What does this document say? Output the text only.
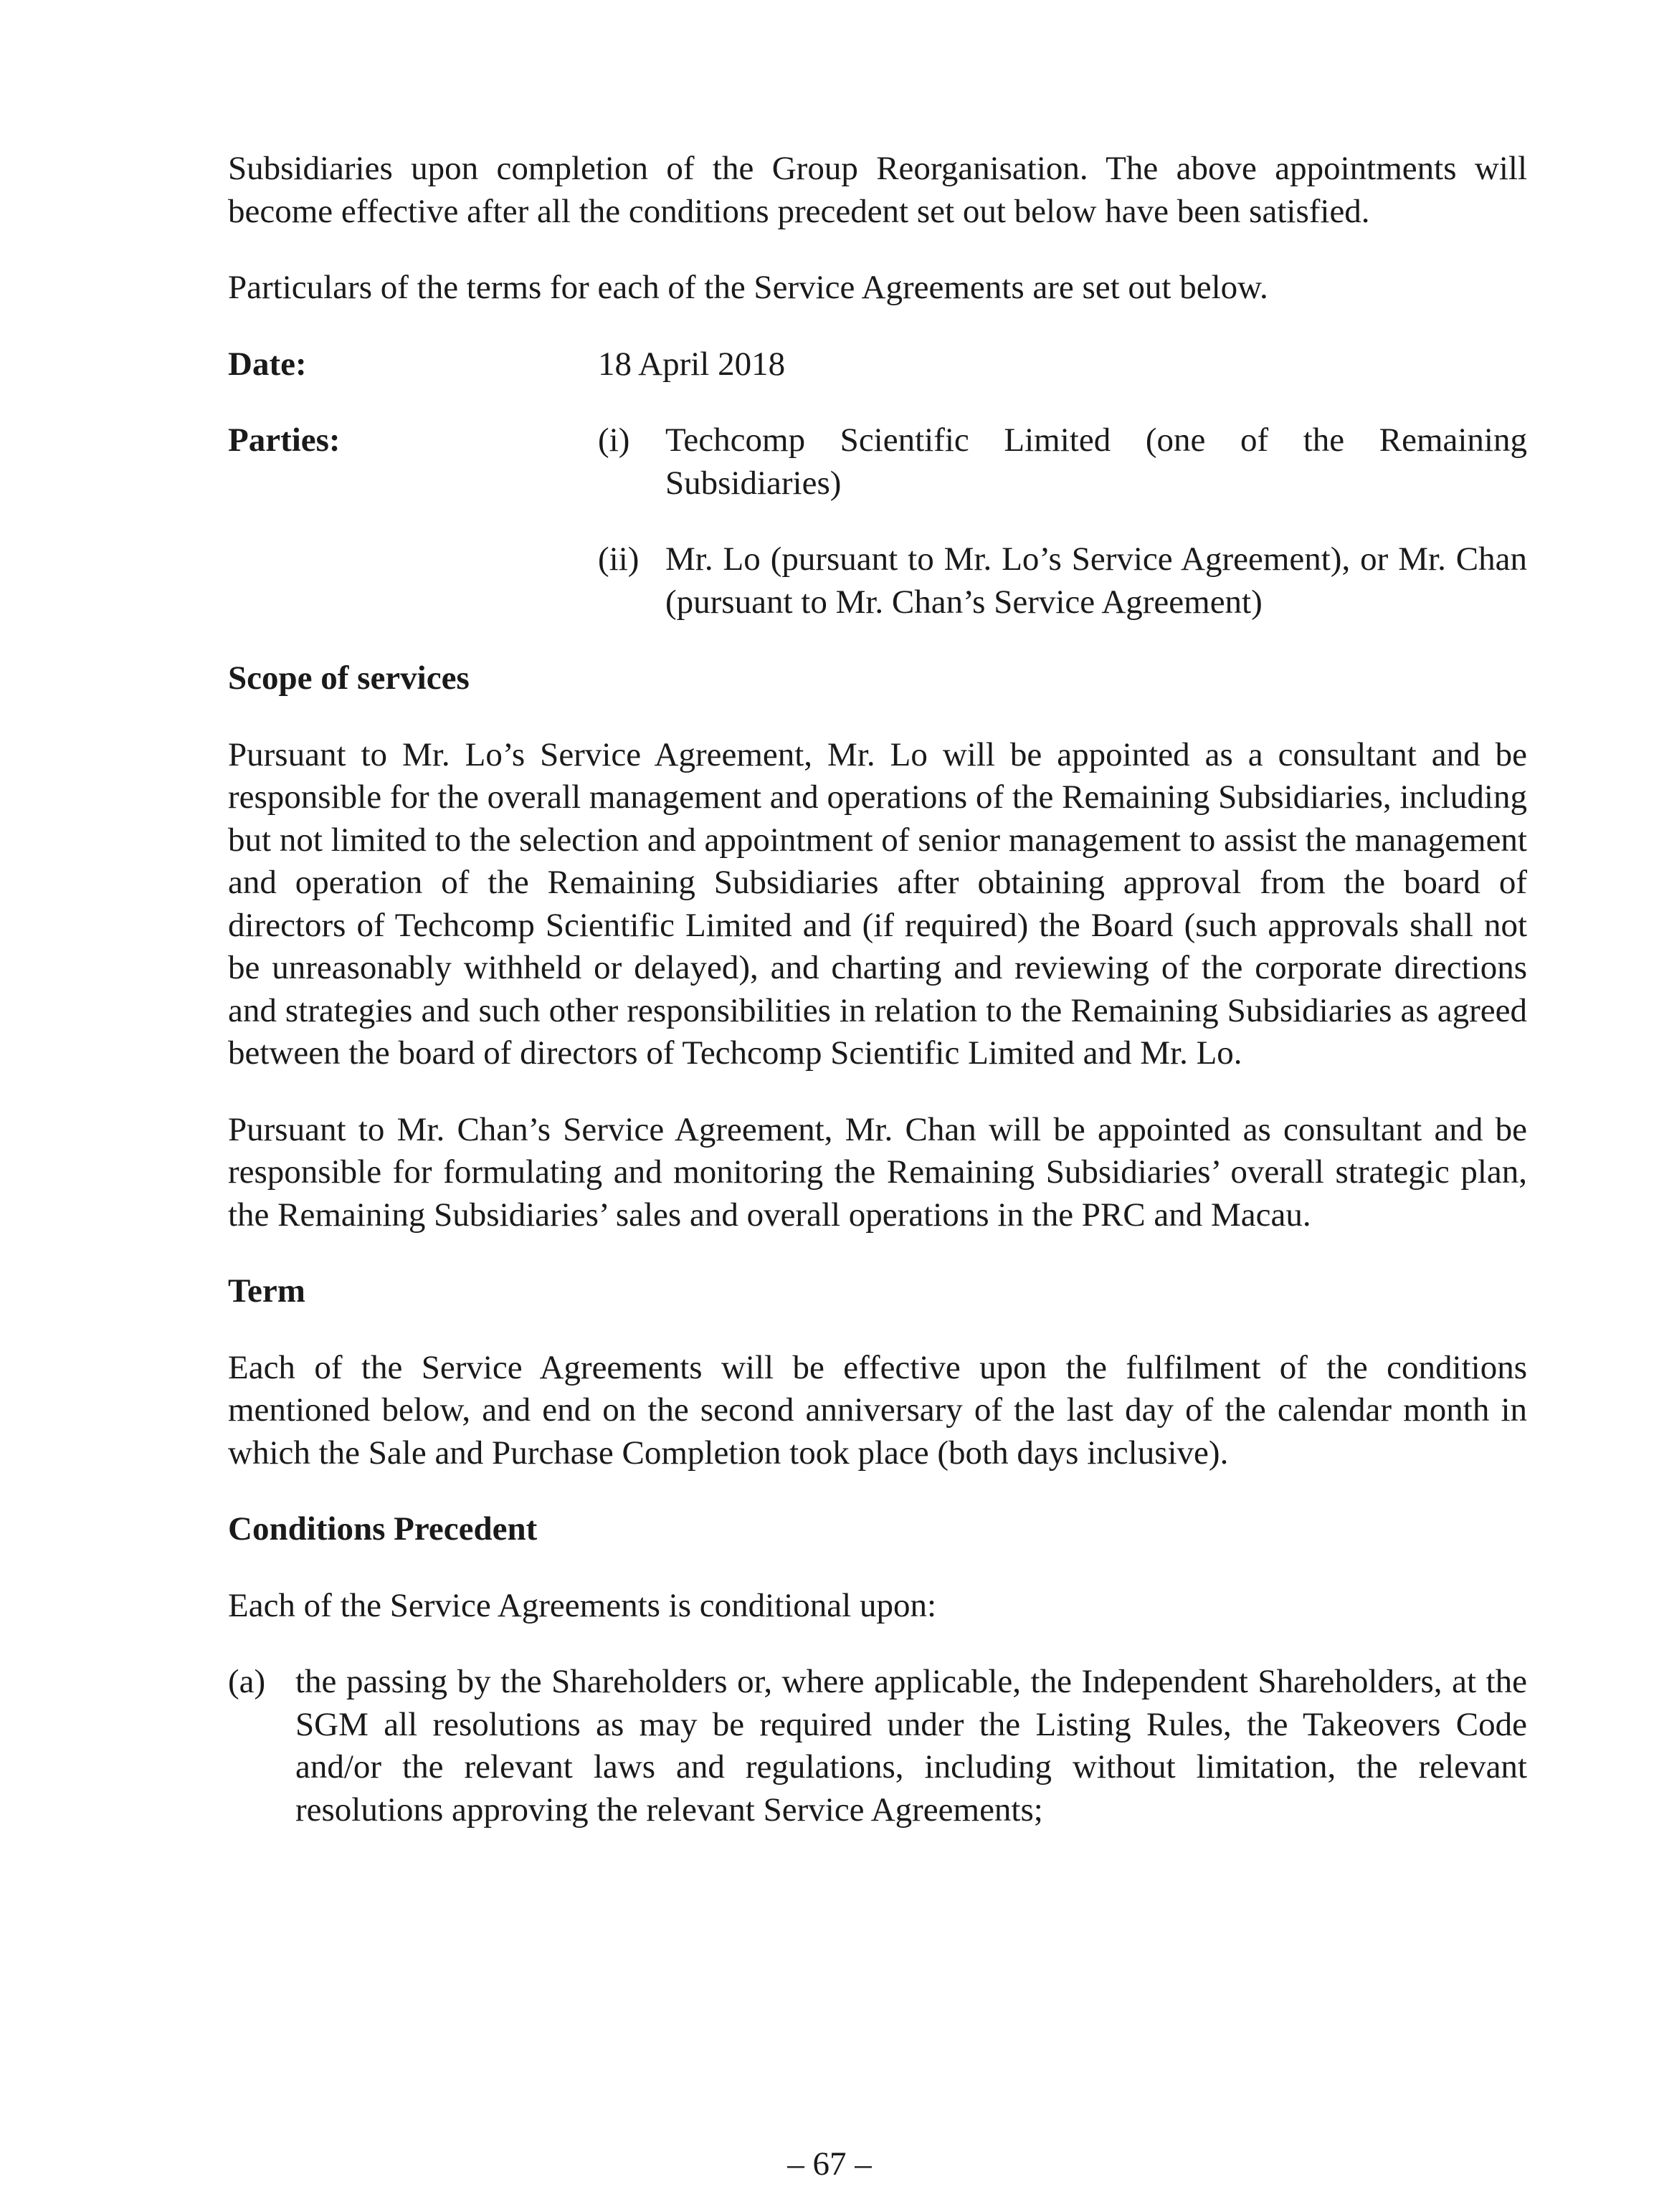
Subsidiaries upon completion of the Group Reorganisation. The above appointments will become effective after all the conditions precedent set out below have been satisfied.

Particulars of the terms for each of the Service Agreements are set out below.

Date:	18 April 2018
Parties:	(i)	Techcomp Scientific Limited (one of the Remaining Subsidiaries)
(ii) Mr. Lo (pursuant to Mr. Lo’s Service Agreement), or Mr. Chan (pursuant to Mr. Chan’s Service Agreement)

Scope of services

Pursuant to Mr. Lo’s Service Agreement, Mr. Lo will be appointed as a consultant and be responsible for the overall management and operations of the Remaining Subsidiaries, including but not limited to the selection and appointment of senior management to assist the management and operation of the Remaining Subsidiaries after obtaining approval from the board of directors of Techcomp Scientific Limited and (if required) the Board (such approvals shall not be unreasonably withheld or delayed), and charting and reviewing of the corporate directions and strategies and such other responsibilities in relation to the Remaining Subsidiaries as agreed between the board of directors of Techcomp Scientific Limited and Mr. Lo.

Pursuant to Mr. Chan’s Service Agreement, Mr. Chan will be appointed as consultant and be responsible for formulating and monitoring the Remaining Subsidiaries’ overall strategic plan, the Remaining Subsidiaries’ sales and overall operations in the PRC and Macau.

Term

Each of the Service Agreements will be effective upon the fulfilment of the conditions mentioned below, and end on the second anniversary of the last day of the calendar month in which the Sale and Purchase Completion took place (both days inclusive).

Conditions Precedent

Each of the Service Agreements is conditional upon:

(a) the passing by the Shareholders or, where applicable, the Independent Shareholders, at the SGM all resolutions as may be required under the Listing Rules, the Takeovers Code and/or the relevant laws and regulations, including without limitation, the relevant resolutions approving the relevant Service Agreements;
– 67 –
